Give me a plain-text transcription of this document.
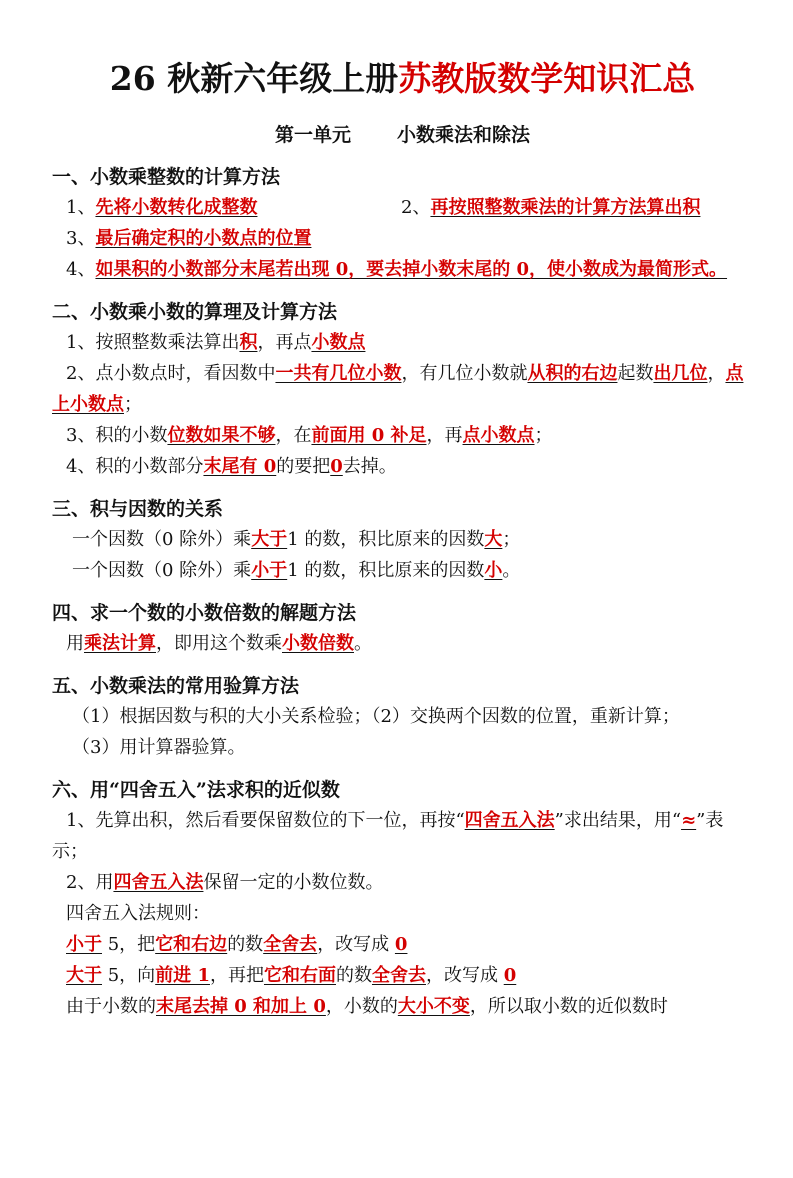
26 秋新六年级上册苏教版数学知识汇总
第一单元 小数乘法和除法
一、小数乘整数的计算方法
1、先将小数转化成整数	2、再按照整数乘法的计算方法算出积
3、最后确定积的小数点的位置
4、如果积的小数部分末尾若出现 0，要去掉小数末尾的 0，使小数成为最简形式。
二、小数乘小数的算理及计算方法
1、按照整数乘法算出积，再点小数点
2、点小数点时，看因数中一共有几位小数，有几位小数就从积的右边起数出几位，点上小数点；
3、积的小数位数如果不够，在前面用 0 补足，再点小数点；
4、积的小数部分末尾有 0的要把0去掉。
三、积与因数的关系
一个因数（0 除外）乘大于1 的数，积比原来的因数大；
一个因数（0 除外）乘小于1 的数，积比原来的因数小。
四、求一个数的小数倍数的解题方法
用乘法计算，即用这个数乘小数倍数。
五、小数乘法的常用验算方法
（1）根据因数与积的大小关系检验；（2）交换两个因数的位置，重新计算；
（3）用计算器验算。
六、用“四舍五入”法求积的近似数
1、先算出积，然后看要保留数位的下一位，再按“四舍五入法”求出结果，用“≈”表示；
2、用四舍五入法保留一定的小数位数。
四舍五入法规则：
小于 5，把它和右边的数全舍去，改写成 0
大于 5，向前进 1，再把它和右面的数全舍去，改写成 0
由于小数的末尾去掉 0 和加上 0，小数的大小不变，所以取小数的近似数时
